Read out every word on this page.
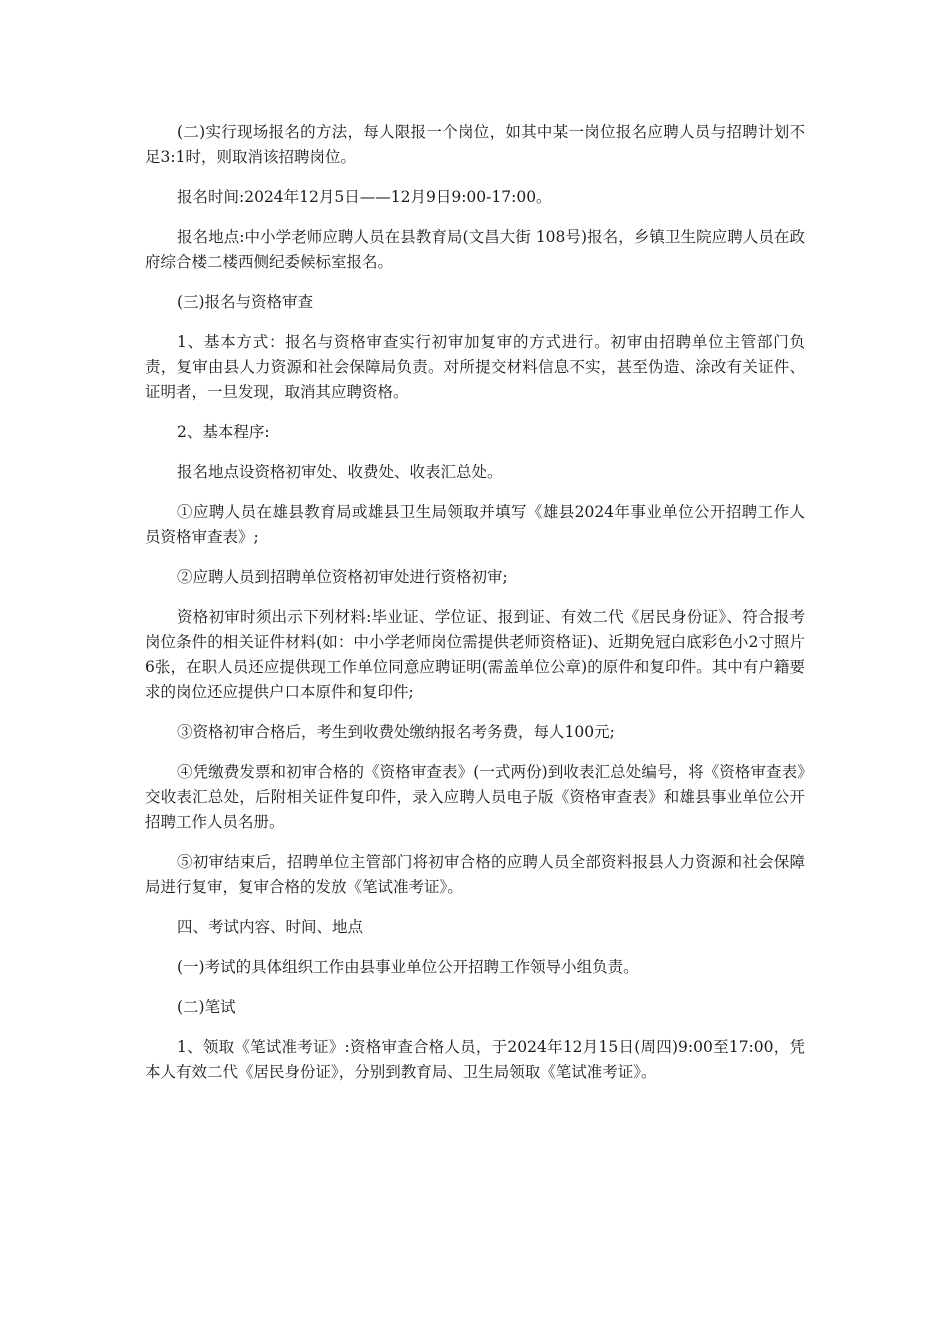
(二)实行现场报名的方法，每人限报一个岗位，如其中某一岗位报名应聘人员与招聘计划不足3:1时，则取消该招聘岗位。

报名时间:2024年12月5日——12月9日9:00-17:00。

报名地点:中小学老师应聘人员在县教育局(文昌大街 108号)报名，乡镇卫生院应聘人员在政府综合楼二楼西侧纪委候标室报名。

(三)报名与资格审查

1、基本方式：报名与资格审查实行初审加复审的方式进行。初审由招聘单位主管部门负责，复审由县人力资源和社会保障局负责。对所提交材料信息不实，甚至伪造、涂改有关证件、证明者，一旦发现，取消其应聘资格。

2、基本程序:

报名地点设资格初审处、收费处、收表汇总处。

①应聘人员在雄县教育局或雄县卫生局领取并填写《雄县2024年事业单位公开招聘工作人员资格审查表》;

②应聘人员到招聘单位资格初审处进行资格初审;

资格初审时须出示下列材料:毕业证、学位证、报到证、有效二代《居民身份证》、符合报考岗位条件的相关证件材料(如：中小学老师岗位需提供老师资格证)、近期免冠白底彩色小2寸照片6张，在职人员还应提供现工作单位同意应聘证明(需盖单位公章)的原件和复印件。其中有户籍要求的岗位还应提供户口本原件和复印件;

③资格初审合格后，考生到收费处缴纳报名考务费，每人100元;

④凭缴费发票和初审合格的《资格审查表》(一式两份)到收表汇总处编号，将《资格审查表》交收表汇总处，后附相关证件复印件，录入应聘人员电子版《资格审查表》和雄县事业单位公开招聘工作人员名册。

⑤初审结束后，招聘单位主管部门将初审合格的应聘人员全部资料报县人力资源和社会保障局进行复审，复审合格的发放《笔试准考证》。

四、考试内容、时间、地点

(一)考试的具体组织工作由县事业单位公开招聘工作领导小组负责。

(二)笔试

1、领取《笔试准考证》:资格审查合格人员，于2024年12月15日(周四)9:00至17:00，凭本人有效二代《居民身份证》，分别到教育局、卫生局领取《笔试准考证》。
